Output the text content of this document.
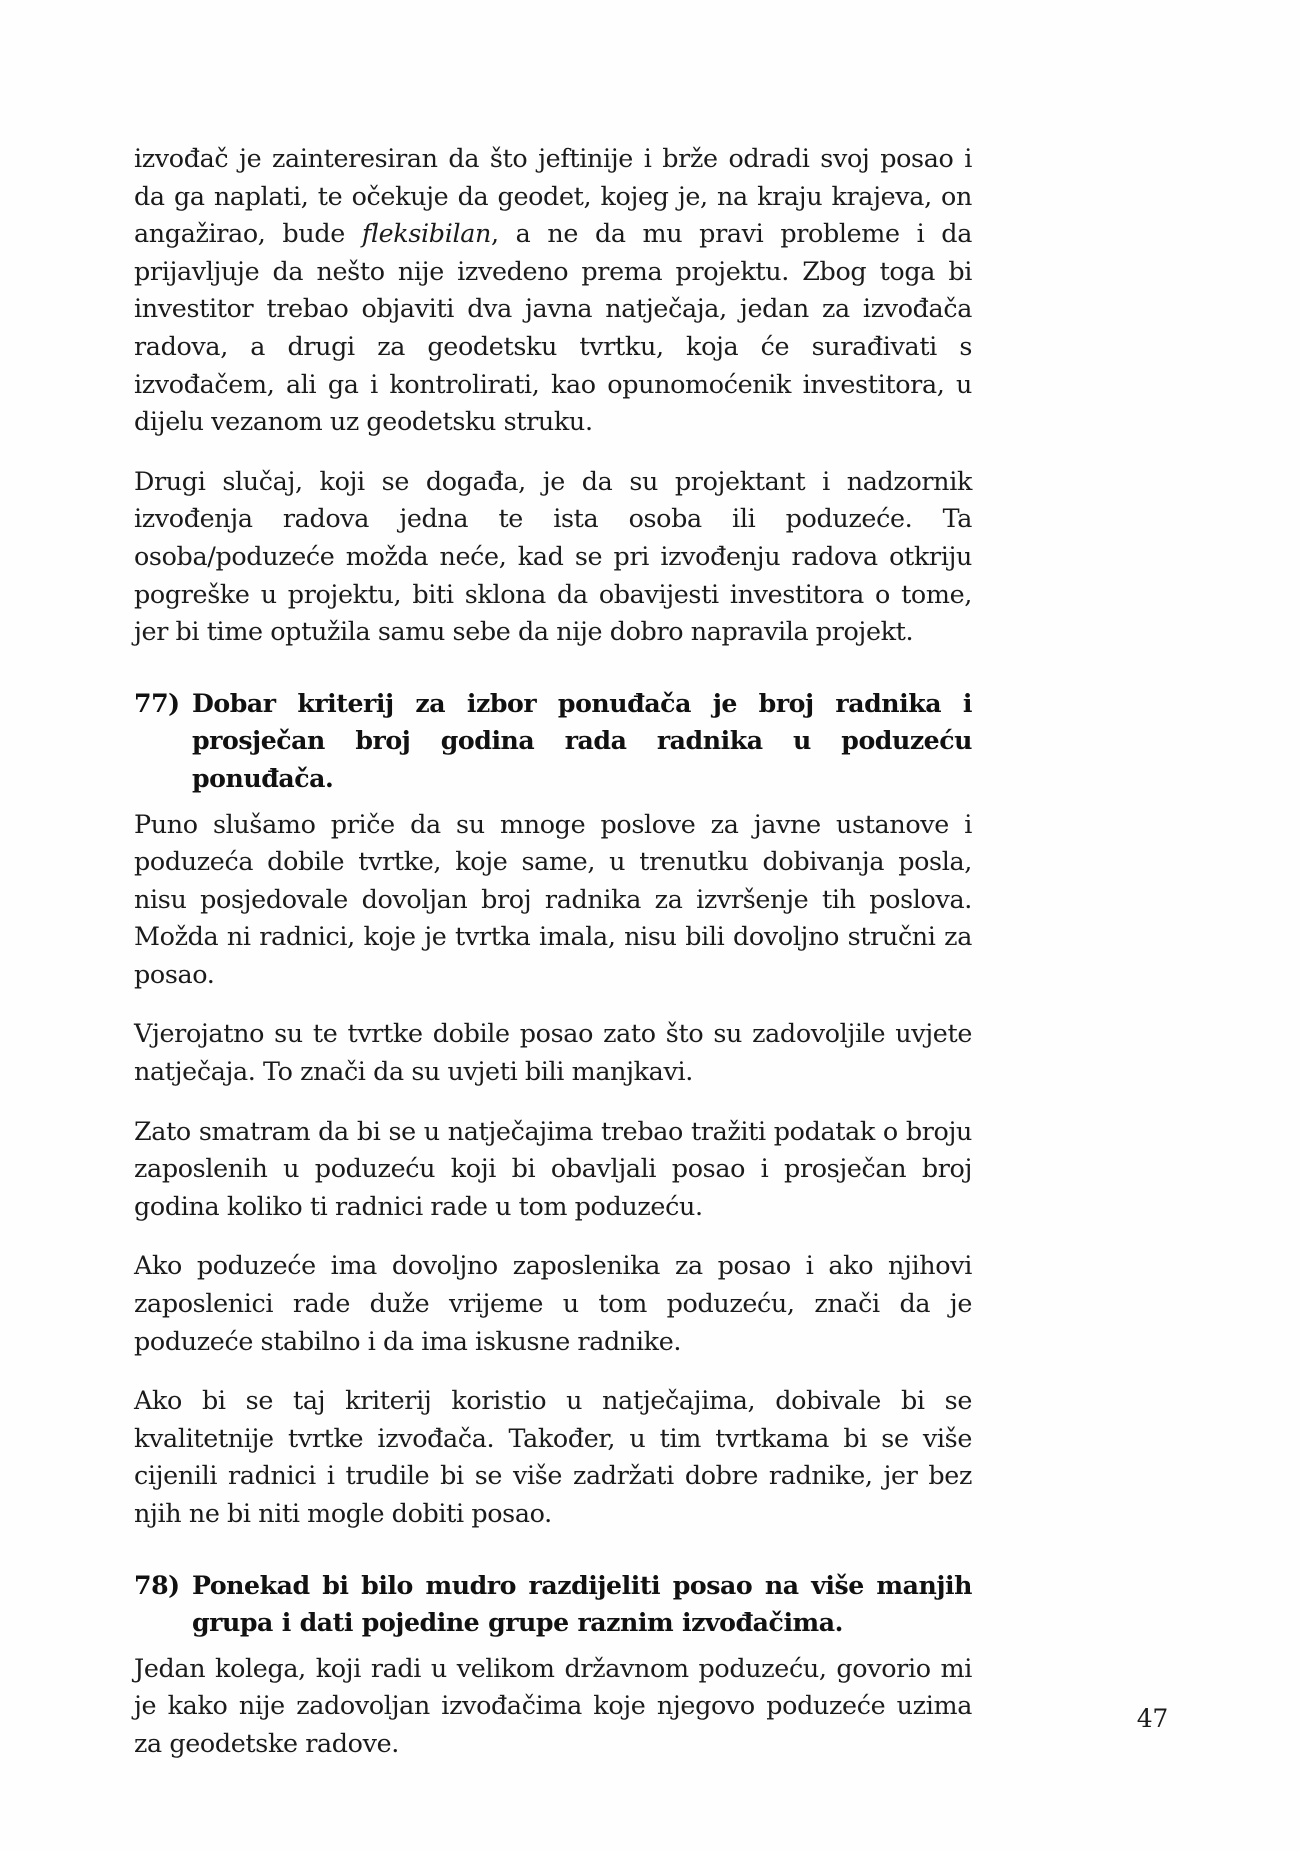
izvođač je zainteresiran da što jeftinije i brže odradi svoj posao i da ga naplati, te očekuje da geodet, kojeg je, na kraju krajeva, on angažirao, bude fleksibilan, a ne da mu pravi probleme i da prijavljuje da nešto nije izvedeno prema projektu. Zbog toga bi investitor trebao objaviti dva javna natječaja, jedan za izvođača radova, a drugi za geodetsku tvrtku, koja će surađivati s izvođačem, ali ga i kontrolirati, kao opunomoćenik investitora, u dijelu vezanom uz geodetsku struku.

Drugi slučaj, koji se događa, je da su projektant i nadzornik izvođenja radova jedna te ista osoba ili poduzeće. Ta osoba/poduzeće možda neće, kad se pri izvođenju radova otkriju pogreške u projektu, biti sklona da obavijesti investitora o tome, jer bi time optužila samu sebe da nije dobro napravila projekt.

77) Dobar kriterij za izbor ponuđača je broj radnika i prosječan broj godina rada radnika u poduzeću ponuđača.

Puno slušamo priče da su mnoge poslove za javne ustanove i poduzeća dobile tvrtke, koje same, u trenutku dobivanja posla, nisu posjedovale dovoljan broj radnika za izvršenje tih poslova. Možda ni radnici, koje je tvrtka imala, nisu bili dovoljno stručni za posao.

Vjerojatno su te tvrtke dobile posao zato što su zadovoljile uvjete natječaja. To znači da su uvjeti bili manjkavi.

Zato smatram da bi se u natječajima trebao tražiti podatak o broju zaposlenih u poduzeću koji bi obavljali posao i prosječan broj godina koliko ti radnici rade u tom poduzeću.

Ako poduzeće ima dovoljno zaposlenika za posao i ako njihovi zaposlenici rade duže vrijeme u tom poduzeću, znači da je poduzeće stabilno i da ima iskusne radnike.

Ako bi se taj kriterij koristio u natječajima, dobivale bi se kvalitetnije tvrtke izvođača. Također, u tim tvrtkama bi se više cijenili radnici i trudile bi se više zadržati dobre radnike, jer bez njih ne bi niti mogle dobiti posao.

78) Ponekad bi bilo mudro razdijeliti posao na više manjih grupa i dati pojedine grupe raznim izvođačima.

Jedan kolega, koji radi u velikom državnom poduzeću, govorio mi je kako nije zadovoljan izvođačima koje njegovo poduzeće uzima za geodetske radove.

47
